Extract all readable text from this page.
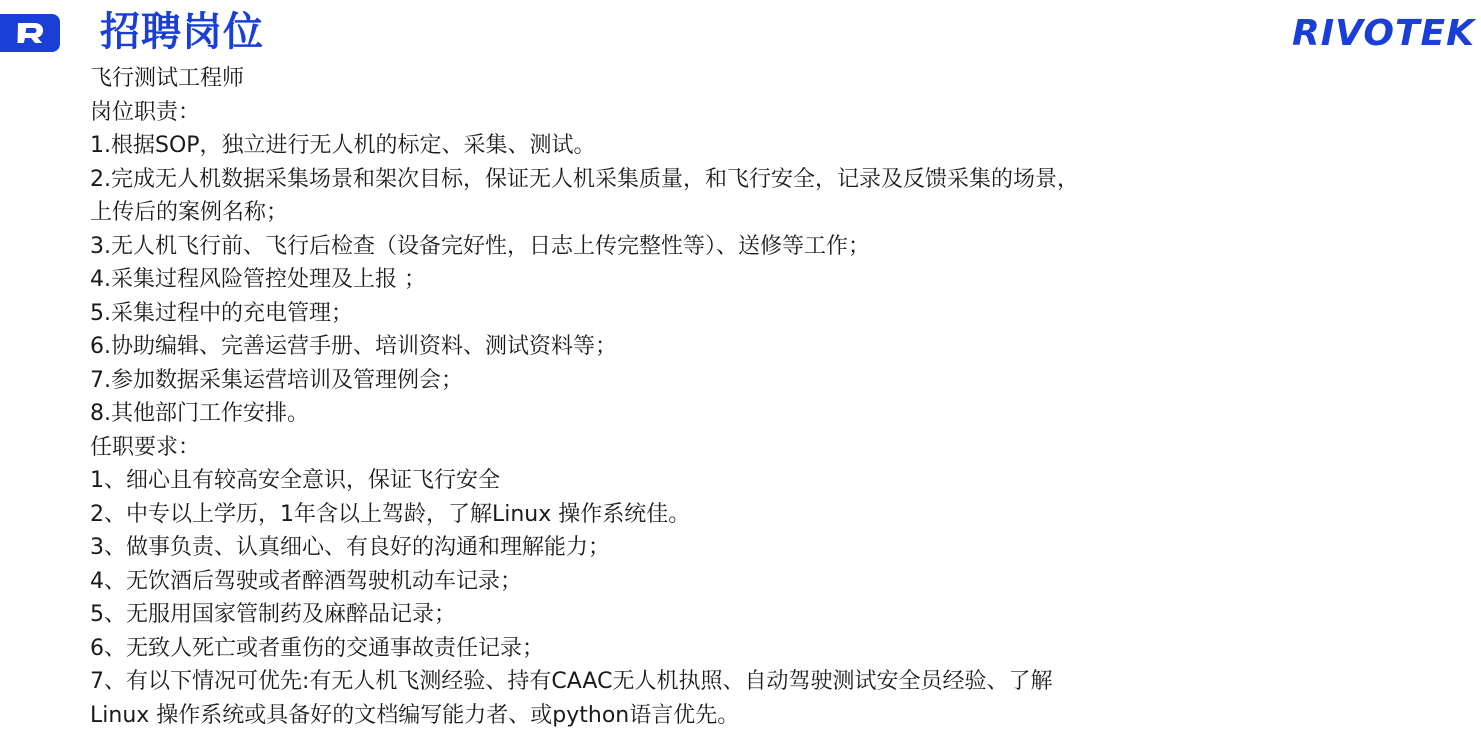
招聘岗位	RIVOTEK
飞行测试工程师
岗位职责：
1.根据SOP，独立进行无人机的标定、采集、测试。
2.完成无人机数据采集场景和架次目标，保证无人机采集质量，和飞行安全，记录及反馈采集的场景，
上传后的案例名称；
3.无人机飞行前、飞行后检查（设备完好性，日志上传完整性等）、送修等工作；
4.采集过程风险管控处理及上报 ；
5.采集过程中的充电管理；
6.协助编辑、完善运营手册、培训资料、测试资料等；
7.参加数据采集运营培训及管理例会；
8.其他部门工作安排。
任职要求：
1、细心且有较高安全意识，保证飞行安全
2、中专以上学历，1年含以上驾龄，了解Linux 操作系统佳。
3、做事负责、认真细心、有良好的沟通和理解能力；
4、无饮酒后驾驶或者醉酒驾驶机动车记录；
5、无服用国家管制药及麻醉品记录；
6、无致人死亡或者重伤的交通事故责任记录；
7、有以下情况可优先:有无人机飞测经验、持有CAAC无人机执照、自动驾驶测试安全员经验、了解
Linux 操作系统或具备好的文档编写能力者、或python语言优先。
